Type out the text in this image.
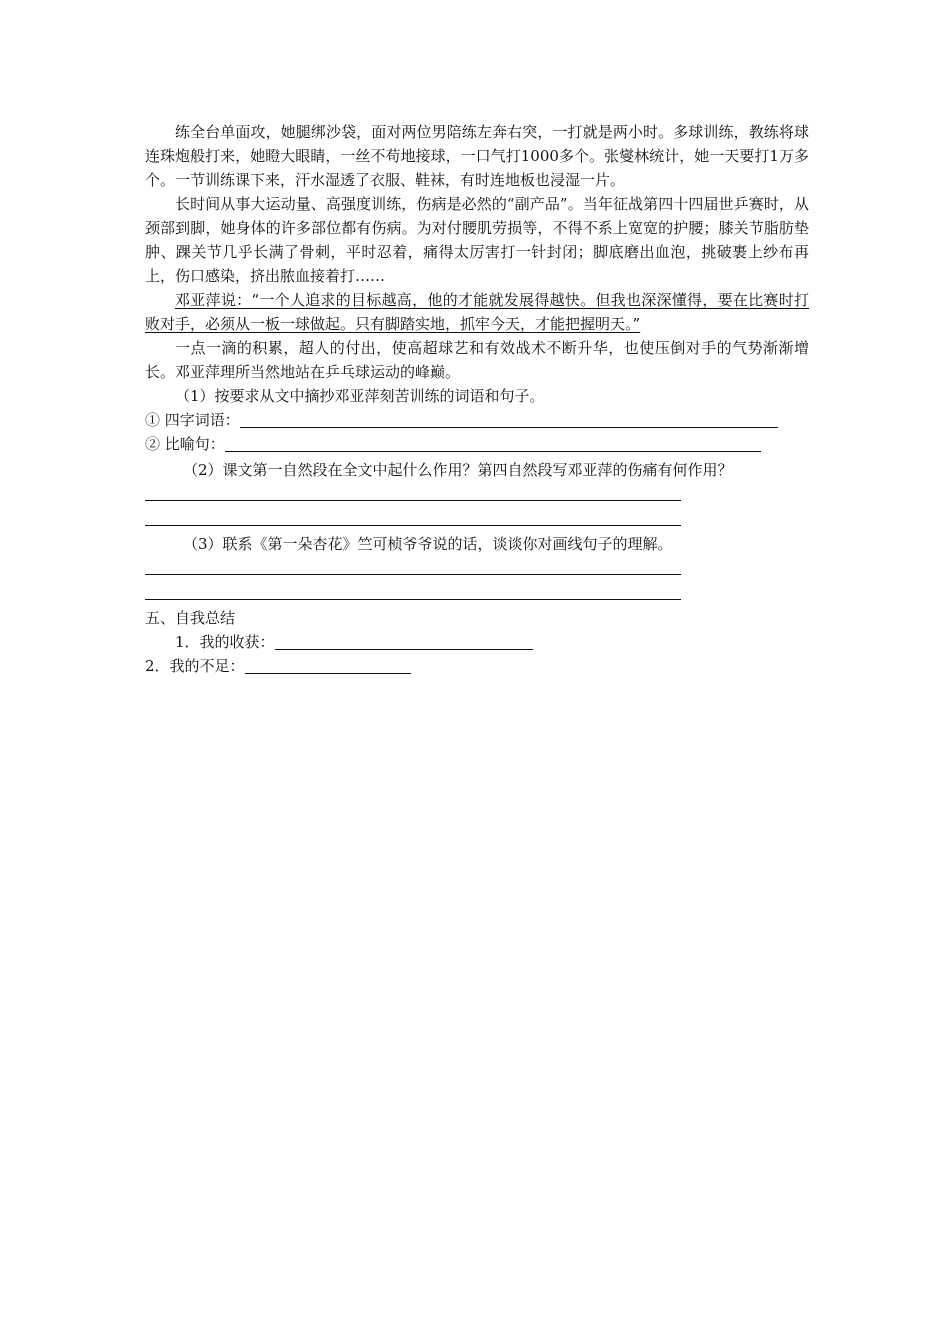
练全台单面攻，她腿绑沙袋，面对两位男陪练左奔右突，一打就是两小时。多球训练，教练将球连珠炮般打来，她瞪大眼睛，一丝不苟地接球，一口气打1000多个。张燮林统计，她一天要打1万多个。一节训练课下来，汗水湿透了衣服、鞋袜，有时连地板也浸湿一片。

长时间从事大运动量、高强度训练，伤病是必然的“副产品”。当年征战第四十四届世乒赛时，从颈部到脚，她身体的许多部位都有伤病。为对付腰肌劳损等，不得不系上宽宽的护腰；膝关节脂肪垫肿、踝关节几乎长满了骨刺，平时忍着，痛得太厉害打一针封闭；脚底磨出血泡，挑破裹上纱布再上，伤口感染，挤出脓血接着打……

邓亚萍说：“一个人追求的目标越高，他的才能就发展得越快。但我也深深懂得，要在比赛时打败对手，必须从一板一球做起。只有脚踏实地，抓牢今天，才能把握明天。”

一点一滴的积累，超人的付出，使高超球艺和有效战术不断升华，也使压倒对手的气势渐渐增长。邓亚萍理所当然地站在乒乓球运动的峰巅。

（1）按要求从文中摘抄邓亚萍刻苦训练的词语和句子。

① 四字词语：

② 比喻句：

（2）课文第一自然段在全文中起什么作用？第四自然段写邓亚萍的伤痛有何作用？

（3）联系《第一朵杏花》竺可桢爷爷说的话，谈谈你对画线句子的理解。

五、自我总结

1．我的收获：

2．我的不足：
